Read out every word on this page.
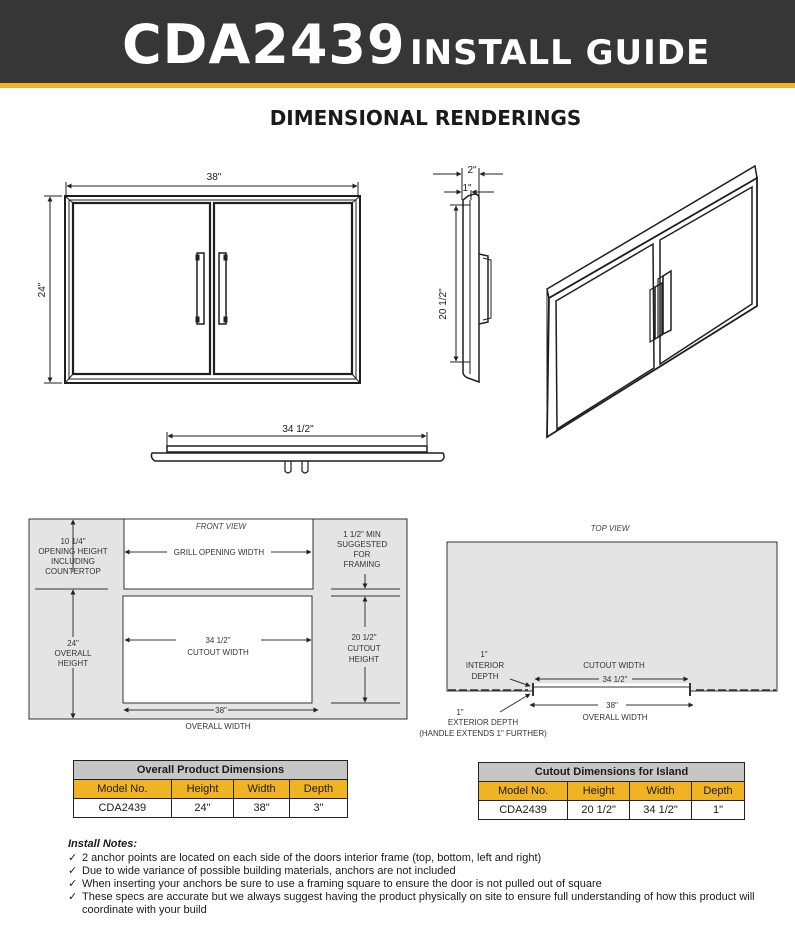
CDA2439 INSTALL GUIDE
DIMENSIONAL RENDERINGS
38"
24"
2"
1"
20 1/2"
34 1/2"
FRONT VIEW
10 1/4"
OPENING HEIGHT
INCLUDING
COUNTERTOP
GRILL OPENING WIDTH
1 1/2" MIN
SUGGESTED
FOR
FRAMING
24"
OVERALL
HEIGHT
34 1/2"
CUTOUT WIDTH
20 1/2"
CUTOUT
HEIGHT
38"
OVERALL WIDTH
TOP VIEW
1"
INTERIOR
DEPTH
CUTOUT WIDTH
34 1/2"
38"
OVERALL WIDTH
1"
EXTERIOR DEPTH
(HANDLE EXTENDS 1" FURTHER)
Overall Product Dimensions			
Model No.	Height	Width	Depth
CDA2439	24"	38"	3"
Cutout Dimensions for Island			
Model No.	Height	Width	Depth
CDA2439	20 1/2"	34 1/2"	1"
Install Notes:
✓ 2 anchor points are located on each side of the doors interior frame (top, bottom, left and right)
✓ Due to wide variance of possible building materials, anchors are not included
✓ When inserting your anchors be sure to use a framing square to ensure the door is not pulled out of square
✓ These specs are accurate but we always suggest having the product physically on site to ensure full understanding of how this product will coordinate with your build
